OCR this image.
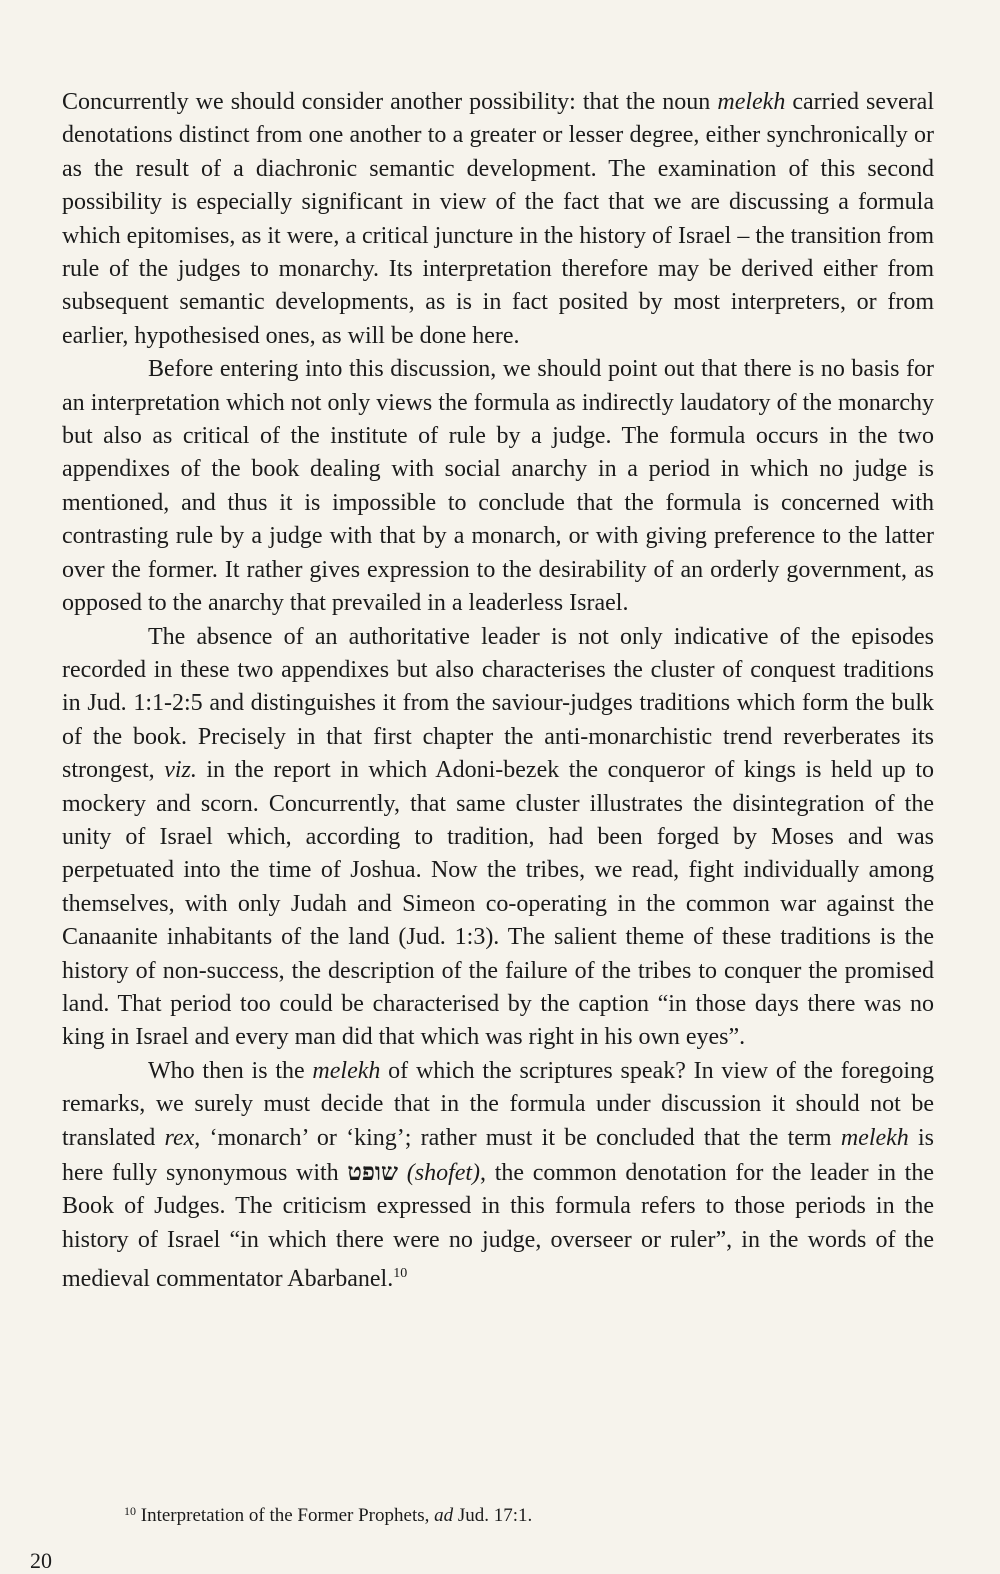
Concurrently we should consider another possibility: that the noun melekh carried several denotations distinct from one another to a greater or lesser degree, either synchronically or as the result of a diachronic semantic development. The examination of this second possibility is especially significant in view of the fact that we are discussing a formula which epitomises, as it were, a critical juncture in the history of Israel – the transition from rule of the judges to monarchy. Its interpretation therefore may be derived either from subsequent semantic developments, as is in fact posited by most interpreters, or from earlier, hypothesised ones, as will be done here.

Before entering into this discussion, we should point out that there is no basis for an interpretation which not only views the formula as indirectly laudatory of the monarchy but also as critical of the institute of rule by a judge. The formula occurs in the two appendixes of the book dealing with social anarchy in a period in which no judge is mentioned, and thus it is impossible to conclude that the formula is concerned with contrasting rule by a judge with that by a monarch, or with giving preference to the latter over the former. It rather gives expression to the desirability of an orderly government, as opposed to the anarchy that prevailed in a leaderless Israel.

The absence of an authoritative leader is not only indicative of the episodes recorded in these two appendixes but also characterises the cluster of conquest traditions in Jud. 1:1-2:5 and distinguishes it from the saviour-judges traditions which form the bulk of the book. Precisely in that first chapter the anti-monarchistic trend reverberates its strongest, viz. in the report in which Adoni-bezek the conqueror of kings is held up to mockery and scorn. Concurrently, that same cluster illustrates the disintegration of the unity of Israel which, according to tradition, had been forged by Moses and was perpetuated into the time of Joshua. Now the tribes, we read, fight individually among themselves, with only Judah and Simeon co-operating in the common war against the Canaanite inhabitants of the land (Jud. 1:3). The salient theme of these traditions is the history of non-success, the description of the failure of the tribes to conquer the promised land. That period too could be characterised by the caption “in those days there was no king in Israel and every man did that which was right in his own eyes”.

Who then is the melekh of which the scriptures speak? In view of the foregoing remarks, we surely must decide that in the formula under discussion it should not be translated rex, ‘monarch’ or ‘king’; rather must it be concluded that the term melekh is here fully synonymous with שופט (shofet), the common denotation for the leader in the Book of Judges. The criticism expressed in this formula refers to those periods in the history of Israel “in which there were no judge, overseer or ruler”, in the words of the medieval commentator Abarbanel.$^{10}$

$^{10}$ Interpretation of the Former Prophets, ad Jud. 17:1.

20
